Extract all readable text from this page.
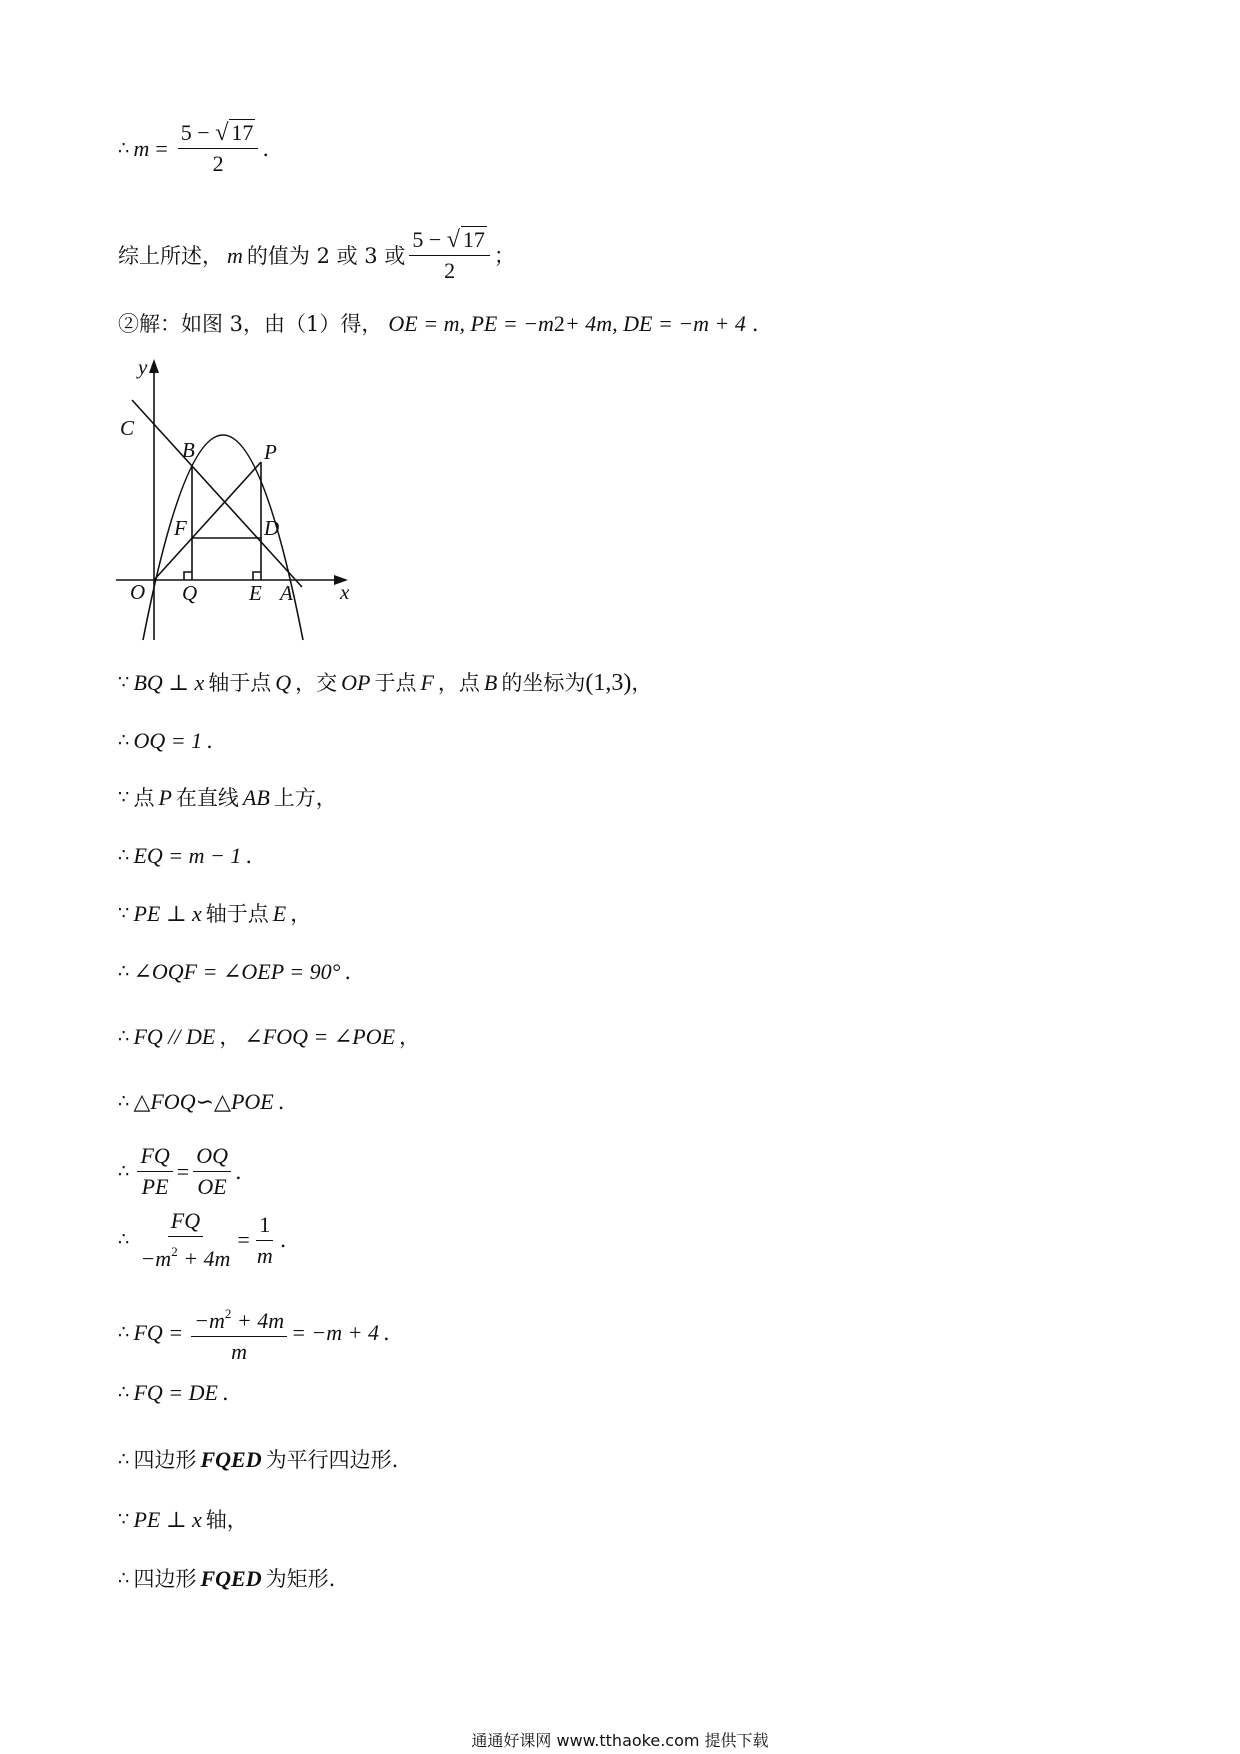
∴ $m = \frac{5 - √ 17}{2}$ .
综上所述， m 的值为 2 或 3 或 $\frac{5 - √ 17}{2}$ ；
②解：如图 3，由（1）得， OE = m, PE = −m 2 + 4m, DE = −m + 4 .
y
x
C
B	P
F	D
O Q E A
∵ BQ ⊥ x 轴于点 Q ，交 OP 于点 F ，点 B 的坐标为 (1,3) ，
∴ OQ = 1 .
∵ 点 P 在直线 AB 上方，
∴ EQ = m − 1 .
∵ PE ⊥ x 轴于点 E ，
∴ ∠OQF = ∠OEP = 90° .
∴ FQ // DE ， ∠FOQ = ∠POE ，
∴ △FOQ∽△POE .
∴ $\frac{FQ}{PE} = \frac{OQ}{OE}$ .
∴ $\frac{FQ}{-m^2 + 4m} = \frac{1}{m}$ .
∴ FQ = $\frac{-m^2 + 4m}{m} = -m + 4$ .
∴ FQ = DE .
∴ 四边形 FQED 为平行四边形.
∵ PE ⊥ x 轴，
∴ 四边形 FQED 为矩形.
通通好课网 www.tthaoke.com 提供下载
